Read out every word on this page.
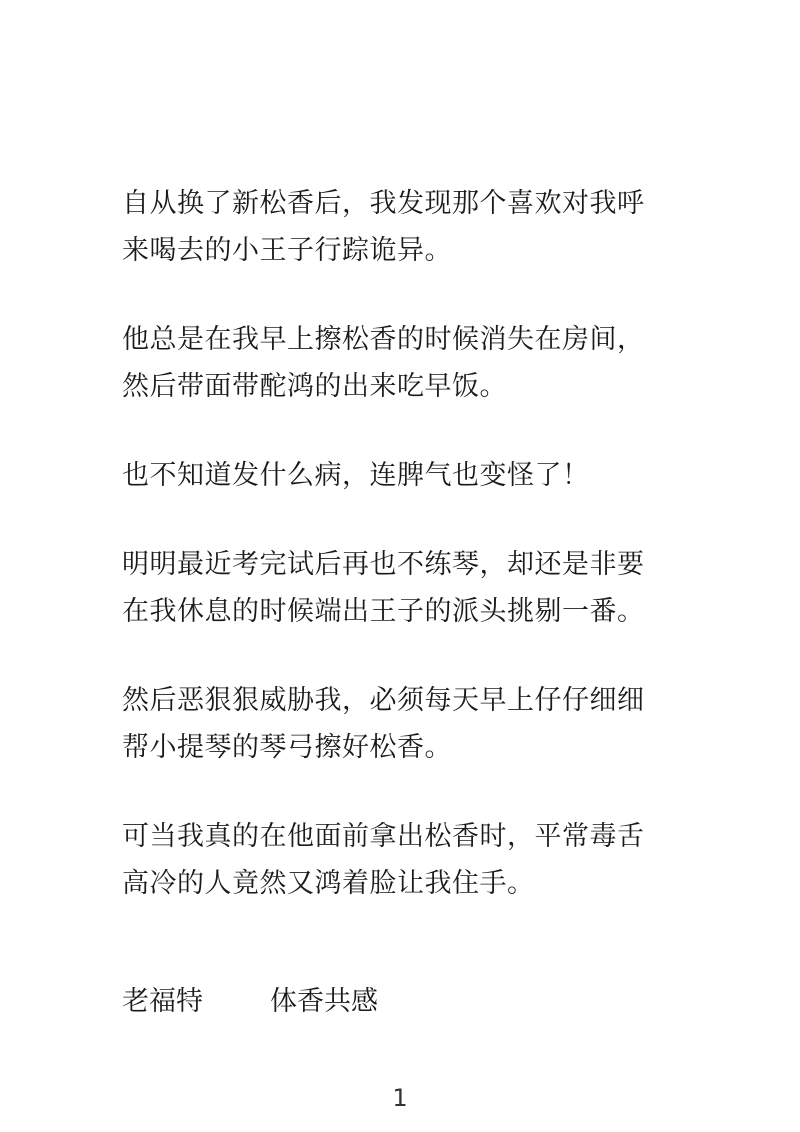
自从换了新松香后，我发现那个喜欢对我呼
来喝去的小王子行踪诡异。
他总是在我早上擦松香的时候消失在房间，
然后带面带酡鸿的出来吃早饭。
也不知道发什么病，连脾气也变怪了！
明明最近考完试后再也不练琴，却还是非要
在我休息的时候端出王子的派头挑剔一番。
然后恶狠狠威胁我，必须每天早上仔仔细细
帮小提琴的琴弓擦好松香。
可当我真的在他面前拿出松香时，平常毒舌
高冷的人竟然又鸿着脸让我住手。
老福特 体香共感
1
